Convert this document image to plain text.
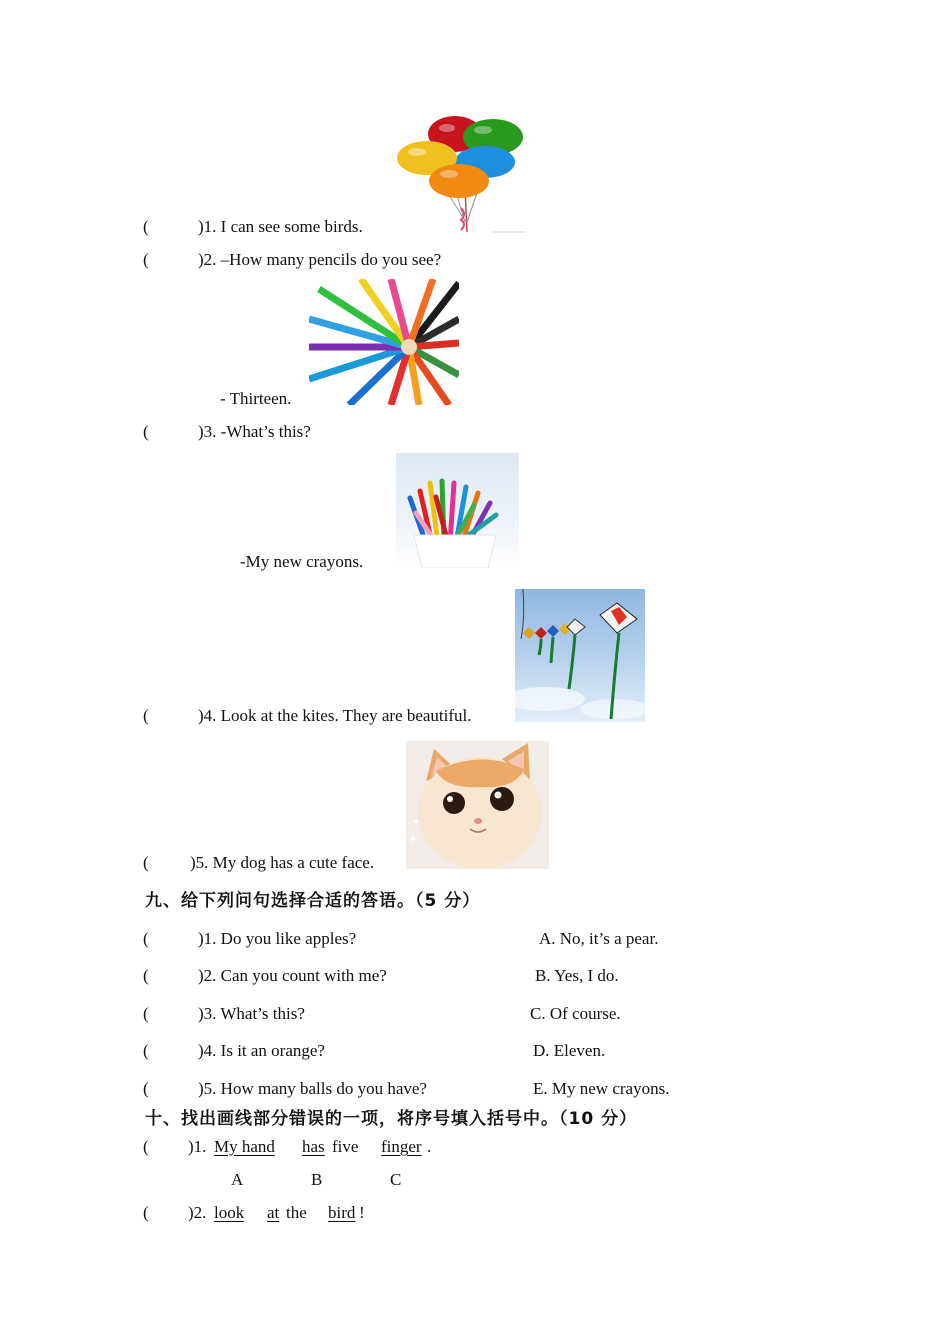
(	)1. I can see some birds.
(	)2. –How many pencils do you see?
- Thirteen.
(	)3. -What’s this?
-My new crayons.
(	)4. Look at the kites. They are beautiful.
✦
✦
( )5. My dog has a cute face.
九、给下列问句选择合适的答语。（5 分）
(	)1. Do you like apples?	A. No, it’s a pear.
(	)2. Can you count with me?	B. Yes, I do.
(	)3. What’s this?	C. Of course.
(	)4. Is it an orange?	D. Eleven.
(	)5. How many balls do you have?	E. My new crayons.
十、找出画线部分错误的一项，将序号填入括号中。（10 分）
( )1. My hand has five finger .
A	B	C
( )2. look at the bird !
